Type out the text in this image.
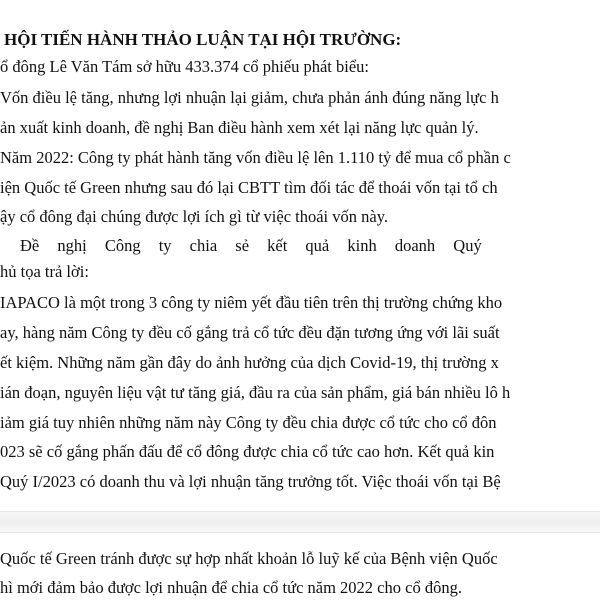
HỘI TIẾN HÀNH THẢO LUẬN TẠI HỘI TRƯỜNG:
ổ đông Lê Văn Tám sở hữu 433.374 cổ phiếu phát biểu:
Vốn điều lệ tăng, nhưng lợi nhuận lại giảm, chưa phản ánh đúng năng lực h
ản xuất kinh doanh, đề nghị Ban điều hành xem xét lại năng lực quản lý.
Năm 2022: Công ty phát hành tăng vốn điều lệ lên 1.110 tỷ để mua cổ phần c
iện Quốc tế Green nhưng sau đó lại CBTT tìm đối tác để thoái vốn tại tổ ch
ậy cổ đông đại chúng được lợi ích gì từ việc thoái vốn này.
Đề nghị Công ty chia sẻ kết quả kinh doanh Quý
hủ tọa trả lời:
IAPACO là một trong 3 công ty niêm yết đầu tiên trên thị trường chứng kho
ay, hàng năm Công ty đều cố gắng trả cổ tức đều đặn tương ứng với lãi suất
ết kiệm. Những năm gần đây do ảnh hưởng của dịch Covid-19, thị trường x
ián đoạn, nguyên liệu vật tư tăng giá, đầu ra của sản phẩm, giá bán nhiều lô h
iảm giá tuy nhiên những năm này Công ty đều chia được cổ tức cho cổ đôn
023 sẽ cố gắng phấn đấu để cổ đông được chia cổ tức cao hơn. Kết quả kin
Quý I/2023 có doanh thu và lợi nhuận tăng trưởng tốt. Việc thoái vốn tại Bệ
Quốc tế Green tránh được sự hợp nhất khoản lỗ luỹ kế của Bệnh viện Quốc
hì mới đảm bảo được lợi nhuận để chia cổ tức năm 2022 cho cổ đông.
